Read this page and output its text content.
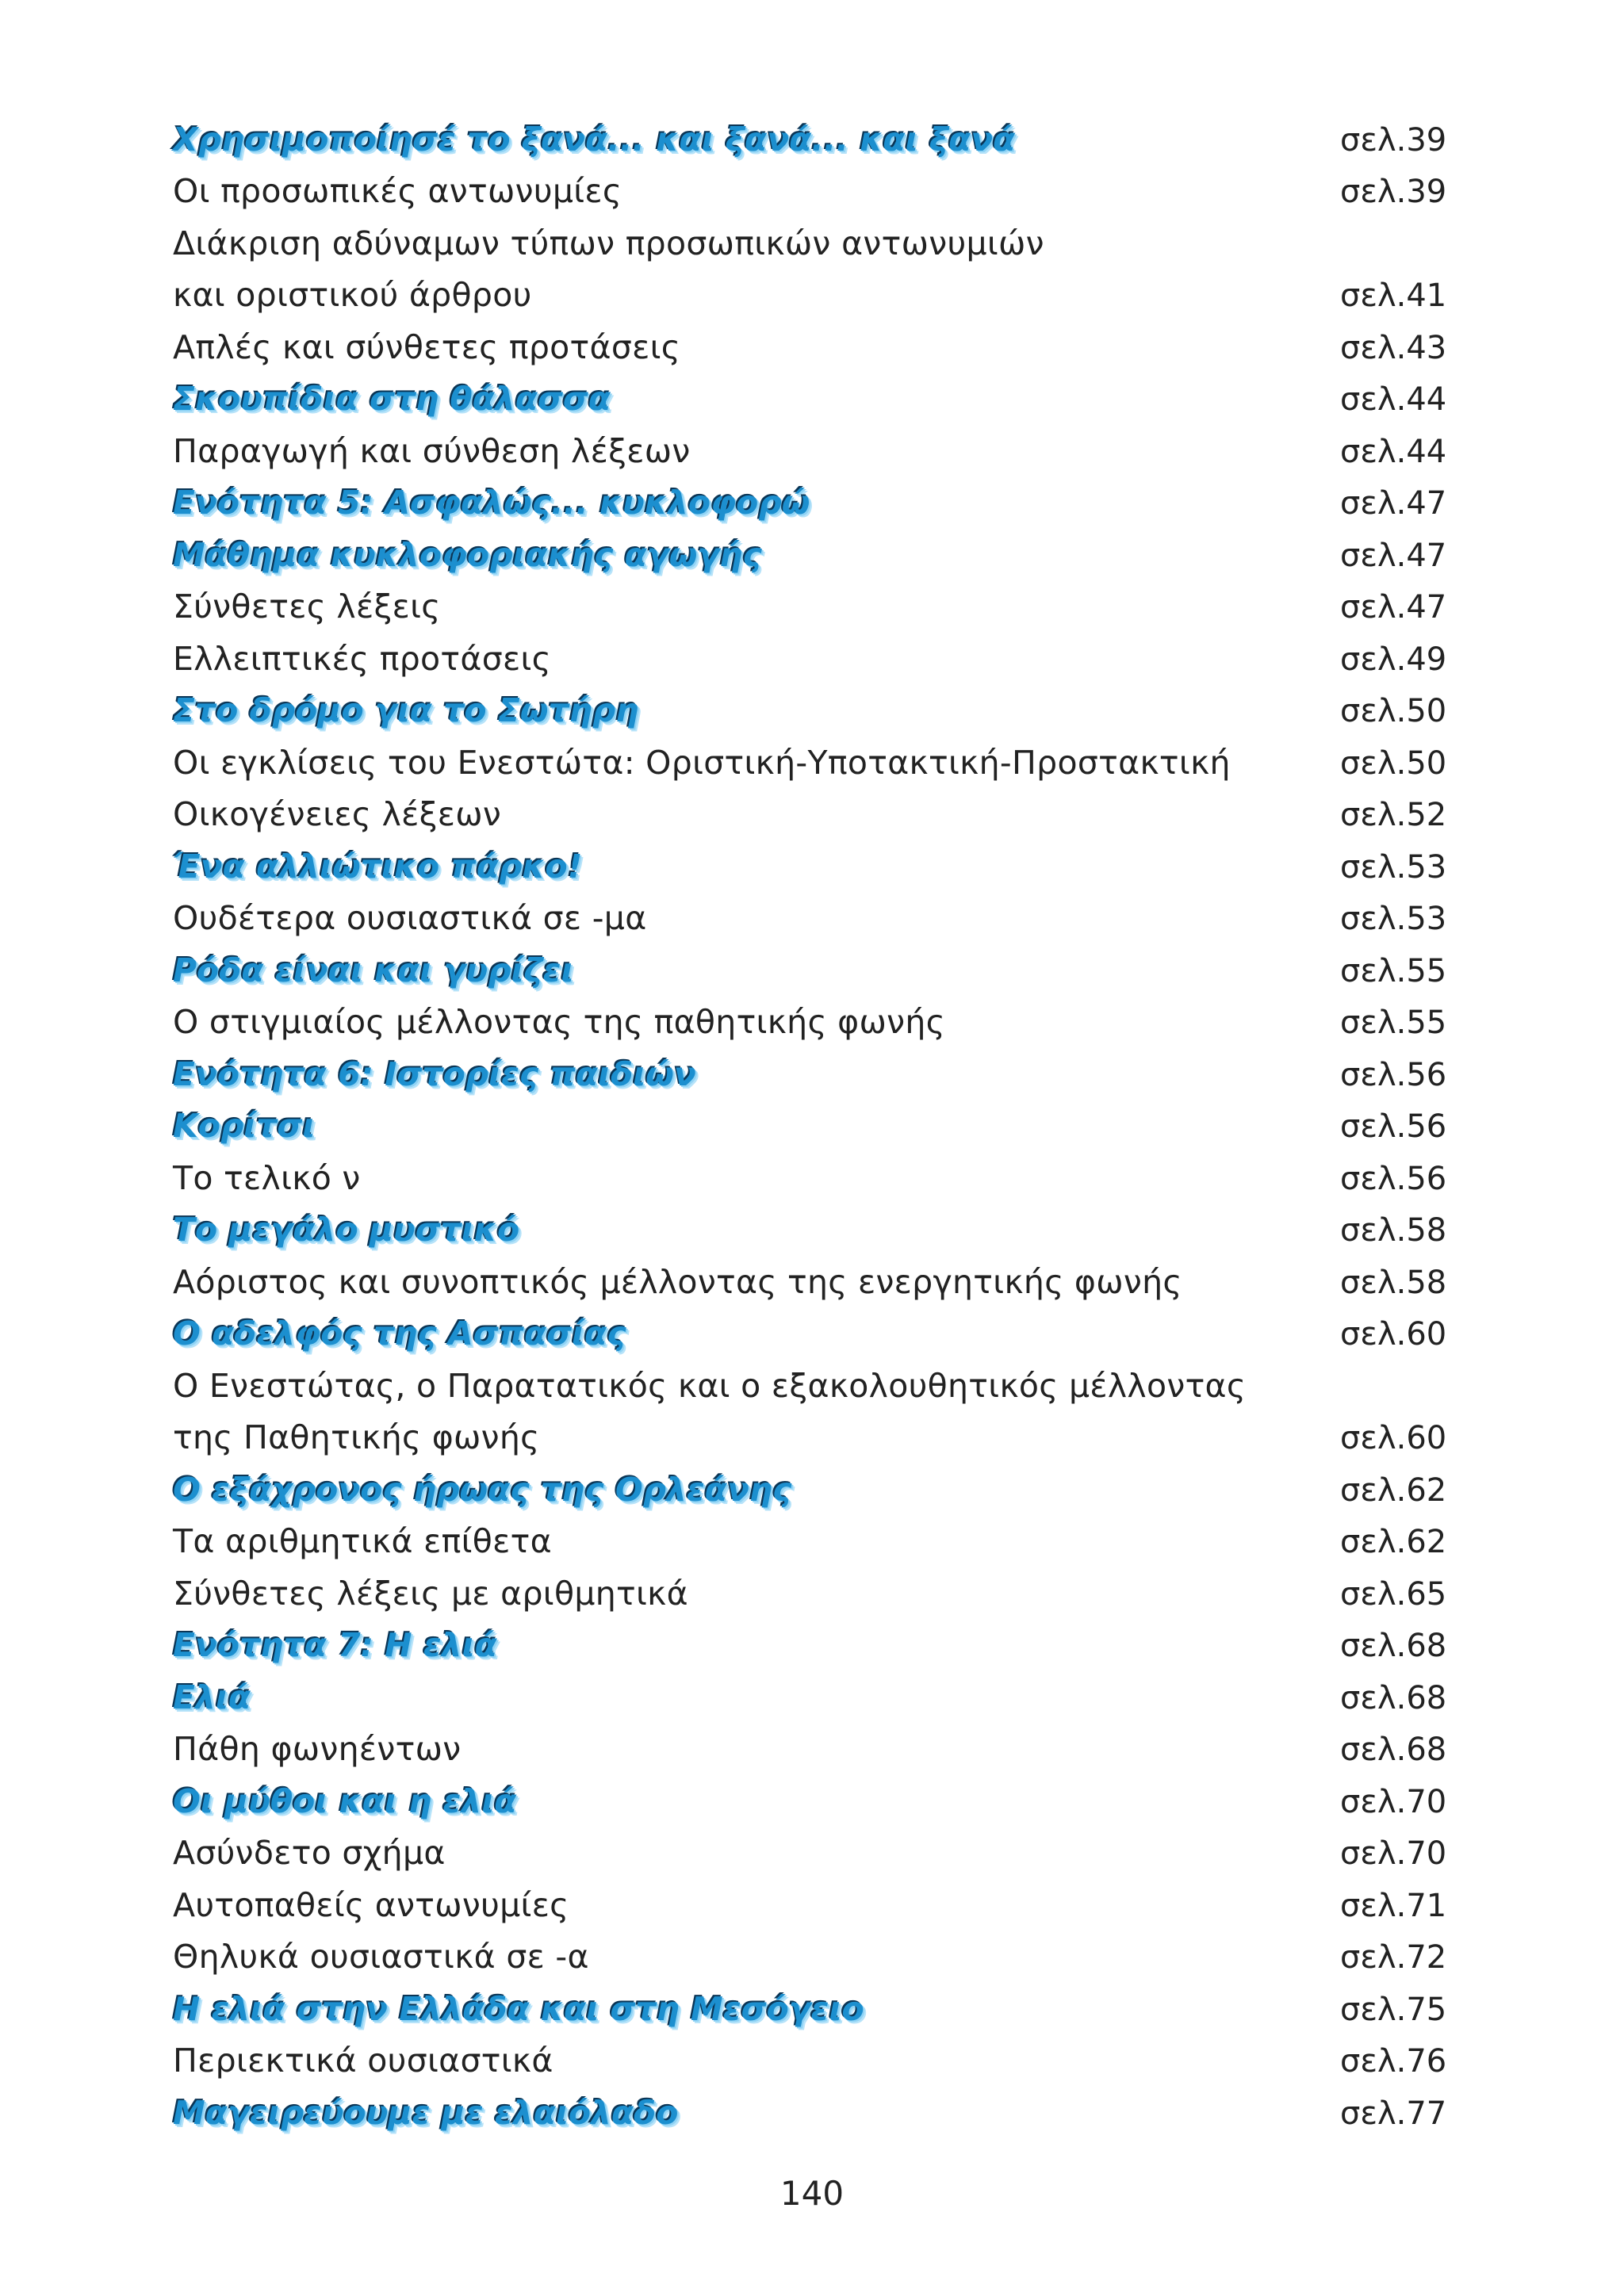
Χρησιμοποίησέ το ξανά... και ξανά... και ξανά	σελ.39
Οι προσωπικές αντωνυμίες	σελ.39
Διάκριση αδύναμων τύπων προσωπικών αντωνυμιών
και οριστικού άρθρου	σελ.41
Απλές και σύνθετες προτάσεις	σελ.43
Σκουπίδια στη θάλασσα	σελ.44
Παραγωγή και σύνθεση λέξεων	σελ.44
Ενότητα 5: Ασφαλώς... κυκλοφορώ	σελ.47
Μάθημα κυκλοφοριακής αγωγής	σελ.47
Σύνθετες λέξεις	σελ.47
Ελλειπτικές προτάσεις	σελ.49
Στο δρόμο για το Σωτήρη	σελ.50
Οι εγκλίσεις του Ενεστώτα: Οριστική-Υποτακτική-Προστακτική	σελ.50
Οικογένειες λέξεων	σελ.52
Ένα αλλιώτικο πάρκο!	σελ.53
Ουδέτερα ουσιαστικά σε -μα	σελ.53
Ρόδα είναι και γυρίζει	σελ.55
Ο στιγμιαίος μέλλοντας της παθητικής φωνής	σελ.55
Ενότητα 6: Ιστορίες παιδιών	σελ.56
Κορίτσι	σελ.56
Το τελικό ν	σελ.56
Το μεγάλο μυστικό	σελ.58
Αόριστος και συνοπτικός μέλλοντας της ενεργητικής φωνής	σελ.58
Ο αδελφός της Ασπασίας	σελ.60
Ο Ενεστώτας, ο Παρατατικός και ο εξακολουθητικός μέλλοντας
της Παθητικής φωνής	σελ.60
Ο εξάχρονος ήρωας της Ορλεάνης	σελ.62
Τα αριθμητικά επίθετα	σελ.62
Σύνθετες λέξεις με αριθμητικά	σελ.65
Ενότητα 7: Η ελιά	σελ.68
Ελιά	σελ.68
Πάθη φωνηέντων	σελ.68
Οι μύθοι και η ελιά	σελ.70
Ασύνδετο σχήμα	σελ.70
Αυτοπαθείς αντωνυμίες	σελ.71
Θηλυκά ουσιαστικά σε -α	σελ.72
Η ελιά στην Ελλάδα και στη Μεσόγειο	σελ.75
Περιεκτικά ουσιαστικά	σελ.76
Μαγειρεύουμε με ελαιόλαδο	σελ.77
140
